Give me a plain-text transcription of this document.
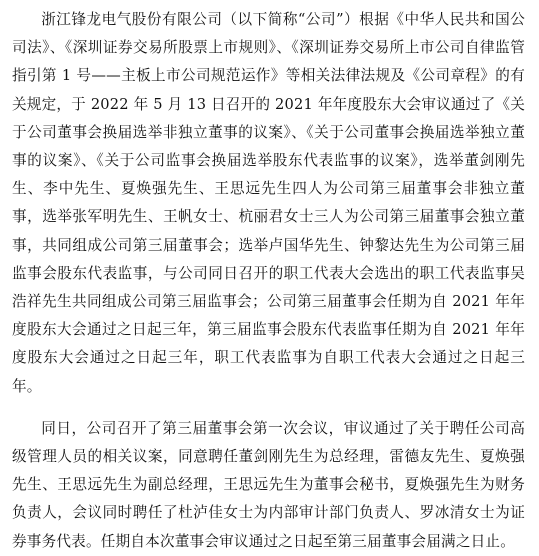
浙江锋龙电气股份有限公司（以下简称“公司”）根据《中华人民共和国公司法》、《深圳证券交易所股票上市规则》、《深圳证券交易所上市公司自律监管指引第 1 号——主板上市公司规范运作》等相关法律法规及《公司章程》的有关规定，于 2022 年 5 月 13 日召开的 2021 年年度股东大会审议通过了《关于公司董事会换届选举非独立董事的议案》、《关于公司董事会换届选举独立董事的议案》、《关于公司监事会换届选举股东代表监事的议案》，选举董剑刚先生、李中先生、夏焕强先生、王思远先生四人为公司第三届董事会非独立董事，选举张军明先生、王帆女士、杭丽君女士三人为公司第三届董事会独立董事，共同组成公司第三届董事会；选举卢国华先生、钟黎达先生为公司第三届监事会股东代表监事，与公司同日召开的职工代表大会选出的职工代表监事吴浩祥先生共同组成公司第三届监事会；公司第三届董事会任期为自 2021 年年度股东大会通过之日起三年，第三届监事会股东代表监事任期为自 2021 年年度股东大会通过之日起三年，职工代表监事为自职工代表大会通过之日起三年。

同日，公司召开了第三届董事会第一次会议，审议通过了关于聘任公司高级管理人员的相关议案，同意聘任董剑刚先生为总经理，雷德友先生、夏焕强先生、王思远先生为副总经理，王思远先生为董事会秘书，夏焕强先生为财务负责人，会议同时聘任了杜泸佳女士为内部审计部门负责人、罗冰清女士为证券事务代表。任期自本次董事会审议通过之日起至第三届董事会届满之日止。
